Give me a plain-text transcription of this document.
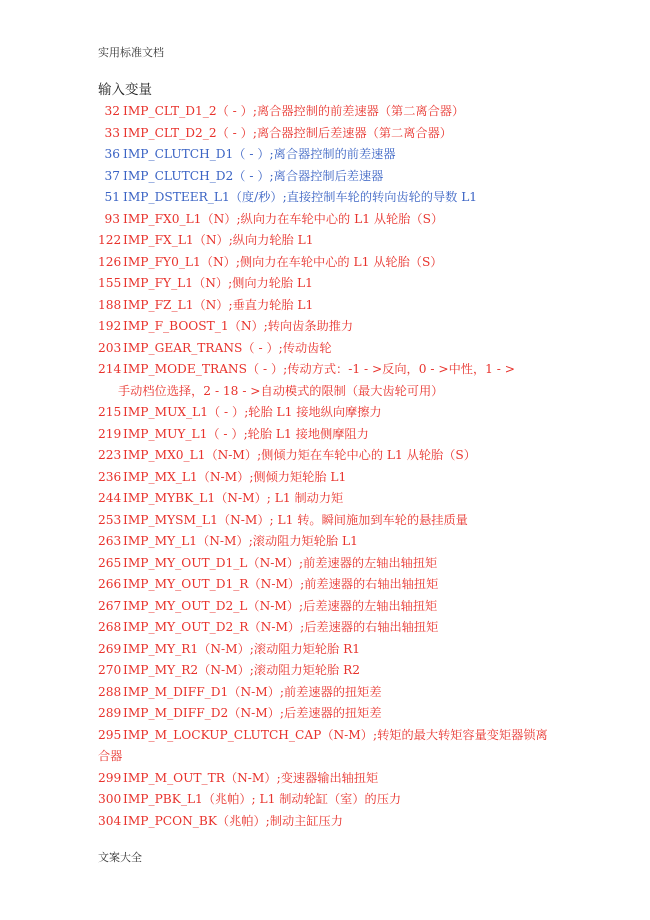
实用标准文档
输入变量
32 IMP_CLT_D1_2（ - ）;离合器控制的前差速器（第二离合器）
33 IMP_CLT_D2_2（ - ）;离合器控制后差速器（第二离合器）
36 IMP_CLUTCH_D1（ - ）;离合器控制的前差速器
37 IMP_CLUTCH_D2（ - ）;离合器控制后差速器
51 IMP_DSTEER_L1（度/秒）;直接控制车轮的转向齿轮的导数 L1
93 IMP_FX0_L1（N）;纵向力在车轮中心的 L1 从轮胎（S）
122 IMP_FX_L1（N）;纵向力轮胎 L1
126 IMP_FY0_L1（N）;侧向力在车轮中心的 L1 从轮胎（S）
155 IMP_FY_L1（N）;侧向力轮胎 L1
188 IMP_FZ_L1（N）;垂直力轮胎 L1
192 IMP_F_BOOST_1（N）;转向齿条助推力
203 IMP_GEAR_TRANS（ - ）;传动齿轮
214 IMP_MODE_TRANS（ - ）;传动方式：-1 - >反向，0 - >中性，1 - >
手动档位选择，2 - 18 - >自动模式的限制（最大齿轮可用）
215 IMP_MUX_L1（ - ）;轮胎 L1 接地纵向摩擦力
219 IMP_MUY_L1（ - ）;轮胎 L1 接地侧摩阻力
223 IMP_MX0_L1（N-M）;侧倾力矩在车轮中心的 L1 从轮胎（S）
236 IMP_MX_L1（N-M）;侧倾力矩轮胎 L1
244 IMP_MYBK_L1（N-M）; L1 制动力矩
253 IMP_MYSM_L1（N-M）; L1 转。瞬间施加到车轮的悬挂质量
263 IMP_MY_L1（N-M）;滚动阻力矩轮胎 L1
265 IMP_MY_OUT_D1_L（N-M）;前差速器的左轴出轴扭矩
266 IMP_MY_OUT_D1_R（N-M）;前差速器的右轴出轴扭矩
267 IMP_MY_OUT_D2_L（N-M）;后差速器的左轴出轴扭矩
268 IMP_MY_OUT_D2_R（N-M）;后差速器的右轴出轴扭矩
269 IMP_MY_R1（N-M）;滚动阻力矩轮胎 R1
270 IMP_MY_R2（N-M）;滚动阻力矩轮胎 R2
288 IMP_M_DIFF_D1（N-M）;前差速器的扭矩差
289 IMP_M_DIFF_D2（N-M）;后差速器的扭矩差
295 IMP_M_LOCKUP_CLUTCH_CAP（N-M）;转矩的最大转矩容量变矩器锁离
合器
299 IMP_M_OUT_TR（N-M）;变速器输出轴扭矩
300 IMP_PBK_L1（兆帕）; L1 制动轮缸（室）的压力
304 IMP_PCON_BK（兆帕）;制动主缸压力
文案大全
